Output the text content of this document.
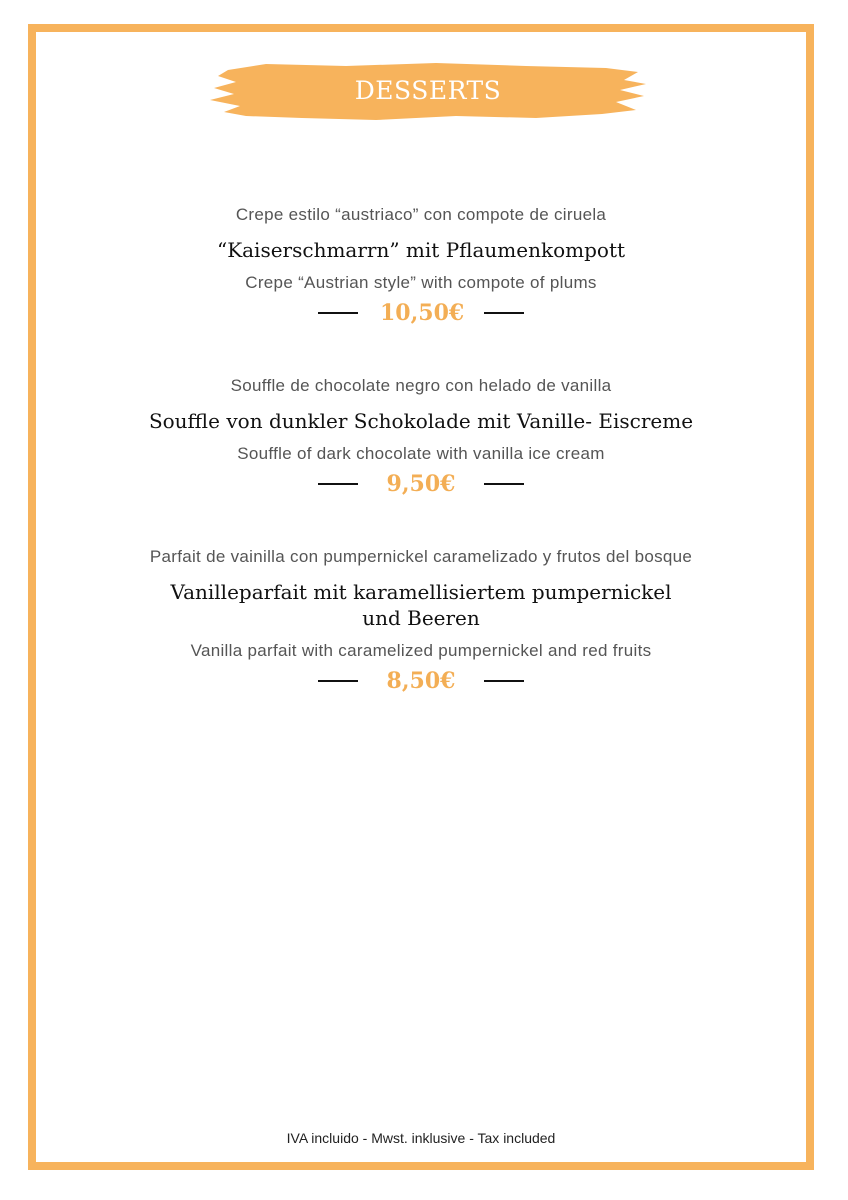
DESSERTS
Crepe estilo “austriaco” con compote de ciruela
“Kaiserschmarrn” mit Pflaumenkompott
Crepe “Austrian style” with compote of plums
10,50€
Souffle de chocolate negro con helado de vanilla
Souffle von dunkler Schokolade mit Vanille- Eiscreme
Souffle of dark chocolate with vanilla ice cream
9,50€
Parfait de vainilla con pumpernickel caramelizado y frutos del bosque
Vanilleparfait mit karamellisiertem pumpernickel
und Beeren
Vanilla parfait with caramelized pumpernickel and red fruits
8,50€
IVA incluido - Mwst. inklusive - Tax included
